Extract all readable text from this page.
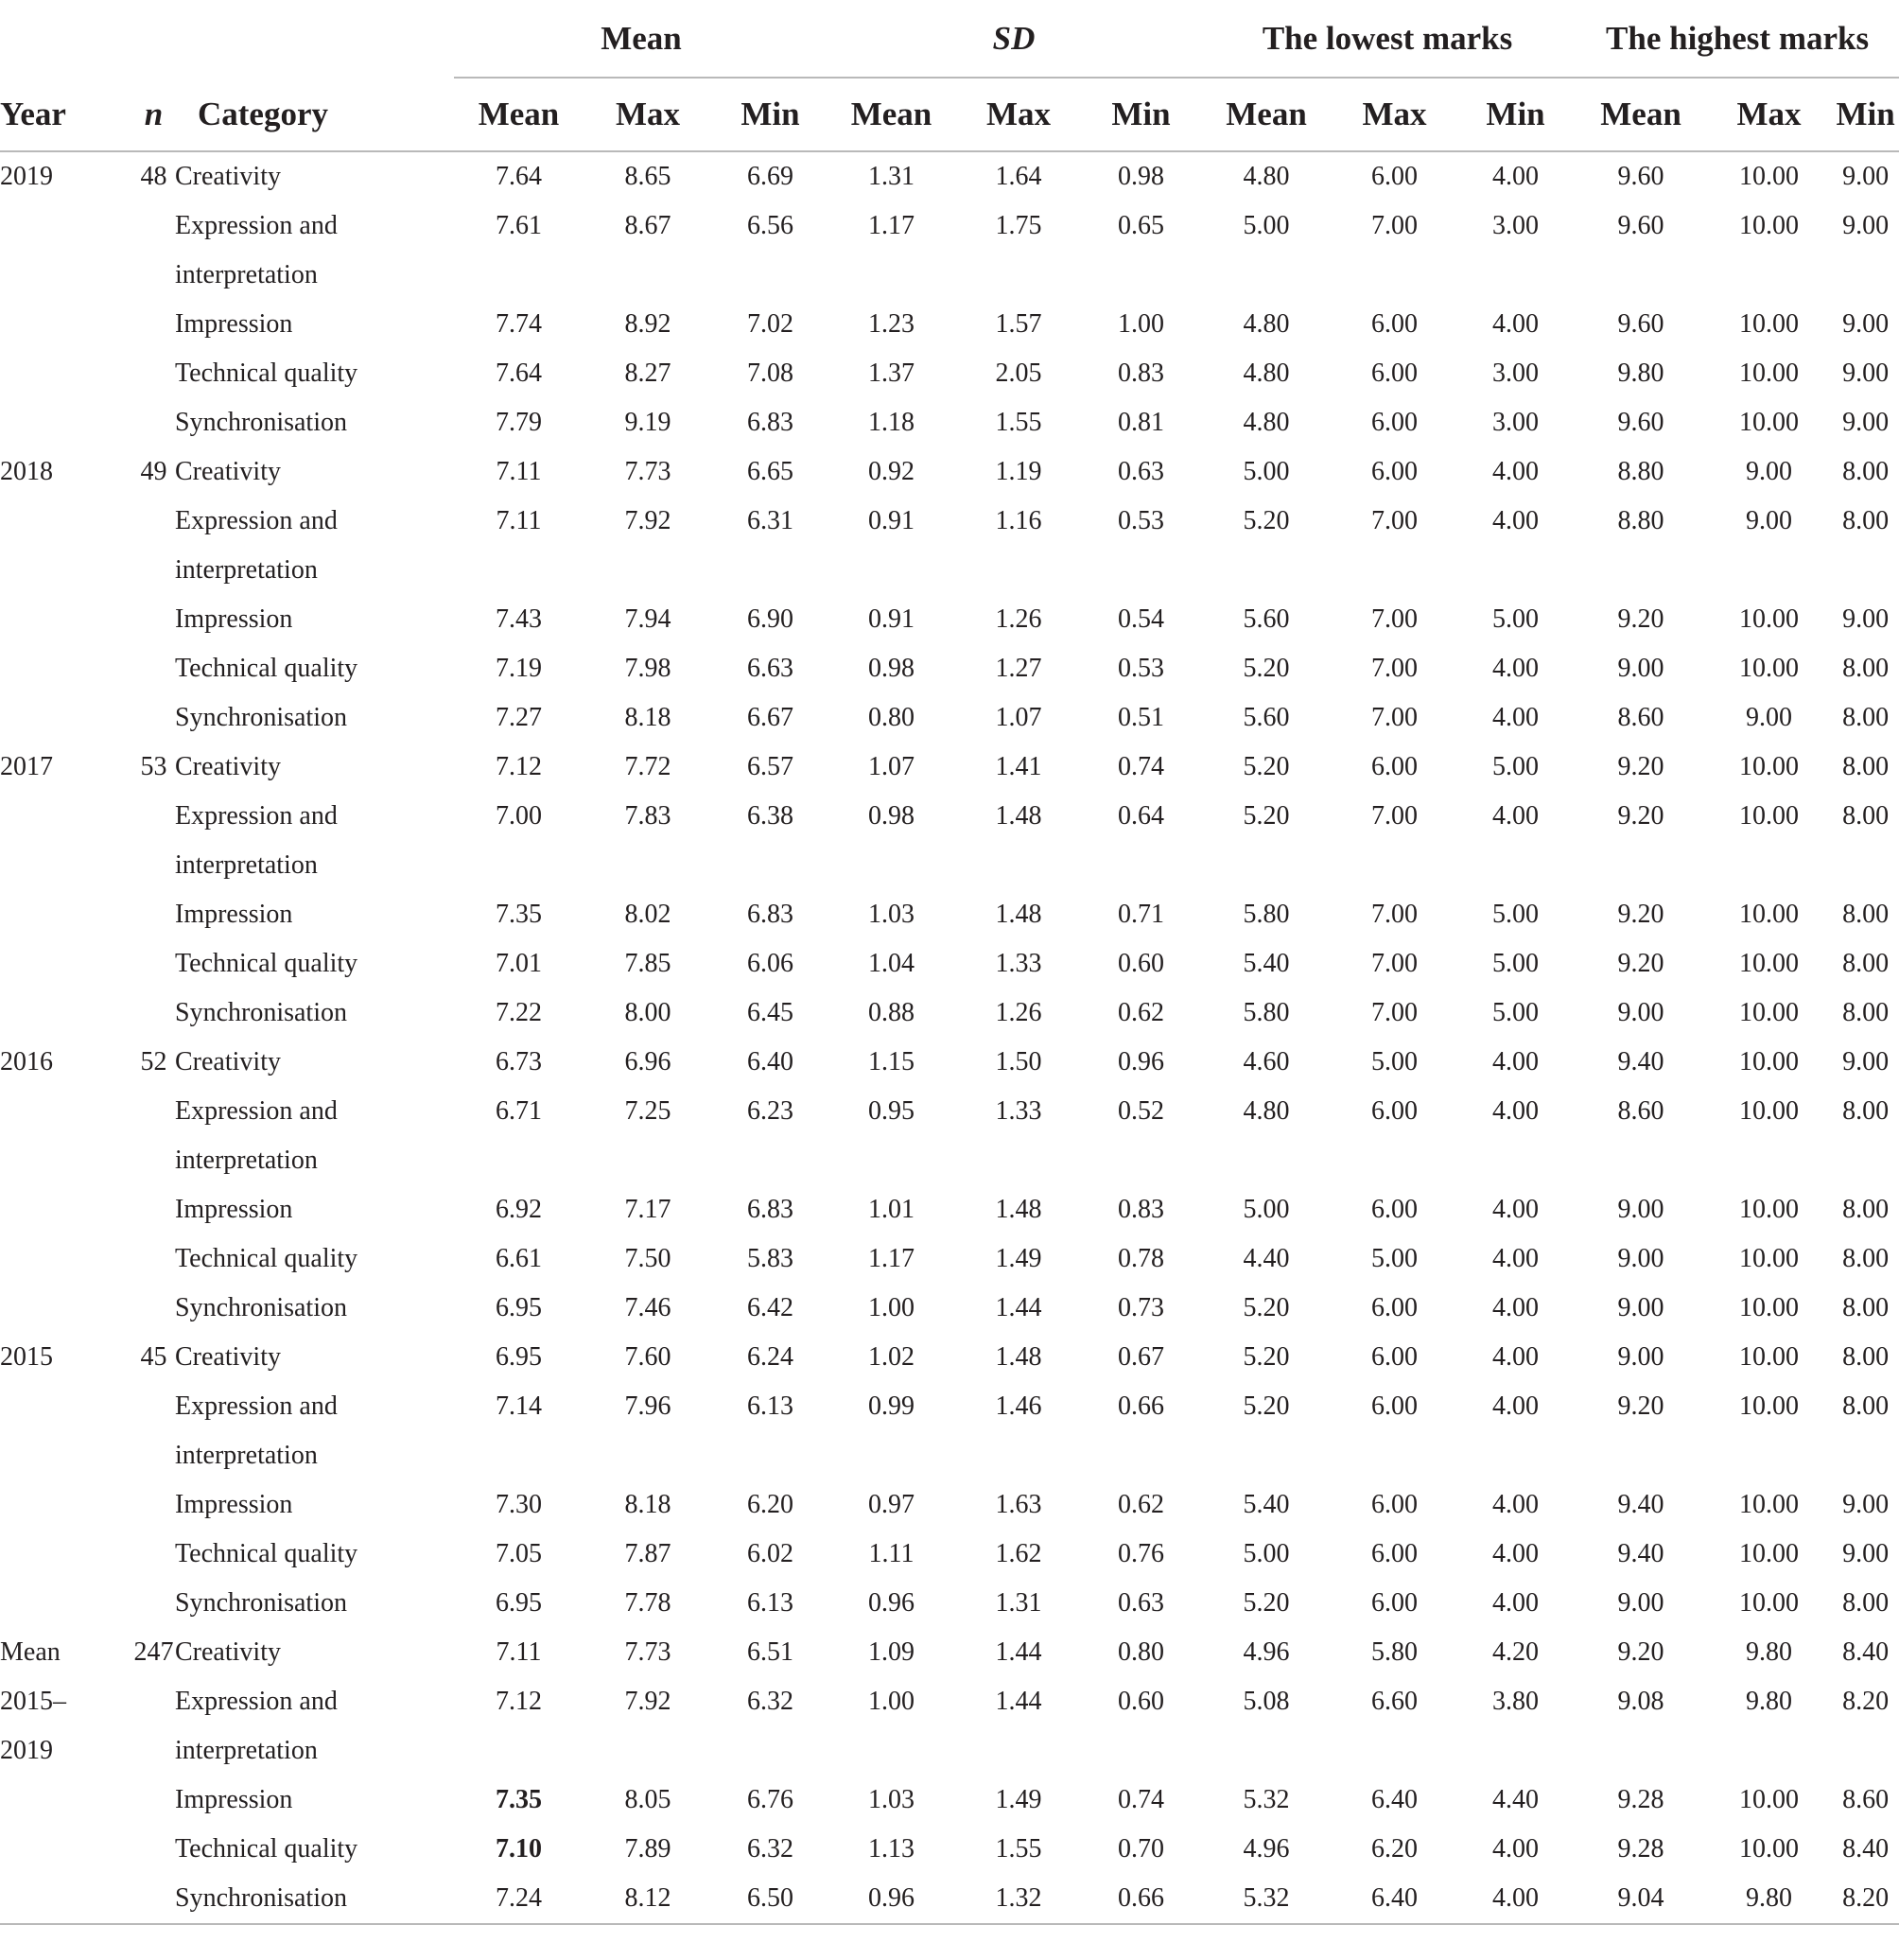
			Mean			SD			The lowest marks			The highest marks		
Year	n	Category	Mean	Max	Min	Mean	Max	Min	Mean	Max	Min	Mean	Max	Min
2019	48	Creativity	7.64	8.65	6.69	1.31	1.64	0.98	4.80	6.00	4.00	9.60	10.00	9.00
		Expression and	7.61	8.67	6.56	1.17	1.75	0.65	5.00	7.00	3.00	9.60	10.00	9.00
		interpretation												
		Impression	7.74	8.92	7.02	1.23	1.57	1.00	4.80	6.00	4.00	9.60	10.00	9.00
		Technical quality	7.64	8.27	7.08	1.37	2.05	0.83	4.80	6.00	3.00	9.80	10.00	9.00
		Synchronisation	7.79	9.19	6.83	1.18	1.55	0.81	4.80	6.00	3.00	9.60	10.00	9.00
2018	49	Creativity	7.11	7.73	6.65	0.92	1.19	0.63	5.00	6.00	4.00	8.80	9.00	8.00
		Expression and	7.11	7.92	6.31	0.91	1.16	0.53	5.20	7.00	4.00	8.80	9.00	8.00
		interpretation												
		Impression	7.43	7.94	6.90	0.91	1.26	0.54	5.60	7.00	5.00	9.20	10.00	9.00
		Technical quality	7.19	7.98	6.63	0.98	1.27	0.53	5.20	7.00	4.00	9.00	10.00	8.00
		Synchronisation	7.27	8.18	6.67	0.80	1.07	0.51	5.60	7.00	4.00	8.60	9.00	8.00
2017	53	Creativity	7.12	7.72	6.57	1.07	1.41	0.74	5.20	6.00	5.00	9.20	10.00	8.00
		Expression and	7.00	7.83	6.38	0.98	1.48	0.64	5.20	7.00	4.00	9.20	10.00	8.00
		interpretation												
		Impression	7.35	8.02	6.83	1.03	1.48	0.71	5.80	7.00	5.00	9.20	10.00	8.00
		Technical quality	7.01	7.85	6.06	1.04	1.33	0.60	5.40	7.00	5.00	9.20	10.00	8.00
		Synchronisation	7.22	8.00	6.45	0.88	1.26	0.62	5.80	7.00	5.00	9.00	10.00	8.00
2016	52	Creativity	6.73	6.96	6.40	1.15	1.50	0.96	4.60	5.00	4.00	9.40	10.00	9.00
		Expression and	6.71	7.25	6.23	0.95	1.33	0.52	4.80	6.00	4.00	8.60	10.00	8.00
		interpretation												
		Impression	6.92	7.17	6.83	1.01	1.48	0.83	5.00	6.00	4.00	9.00	10.00	8.00
		Technical quality	6.61	7.50	5.83	1.17	1.49	0.78	4.40	5.00	4.00	9.00	10.00	8.00
		Synchronisation	6.95	7.46	6.42	1.00	1.44	0.73	5.20	6.00	4.00	9.00	10.00	8.00
2015	45	Creativity	6.95	7.60	6.24	1.02	1.48	0.67	5.20	6.00	4.00	9.00	10.00	8.00
		Expression and	7.14	7.96	6.13	0.99	1.46	0.66	5.20	6.00	4.00	9.20	10.00	8.00
		interpretation												
		Impression	7.30	8.18	6.20	0.97	1.63	0.62	5.40	6.00	4.00	9.40	10.00	9.00
		Technical quality	7.05	7.87	6.02	1.11	1.62	0.76	5.00	6.00	4.00	9.40	10.00	9.00
		Synchronisation	6.95	7.78	6.13	0.96	1.31	0.63	5.20	6.00	4.00	9.00	10.00	8.00
Mean	247	Creativity	7.11	7.73	6.51	1.09	1.44	0.80	4.96	5.80	4.20	9.20	9.80	8.40
2015–		Expression and	7.12	7.92	6.32	1.00	1.44	0.60	5.08	6.60	3.80	9.08	9.80	8.20
2019		interpretation												
		Impression	7.35	8.05	6.76	1.03	1.49	0.74	5.32	6.40	4.40	9.28	10.00	8.60
		Technical quality	7.10	7.89	6.32	1.13	1.55	0.70	4.96	6.20	4.00	9.28	10.00	8.40
		Synchronisation	7.24	8.12	6.50	0.96	1.32	0.66	5.32	6.40	4.00	9.04	9.80	8.20
